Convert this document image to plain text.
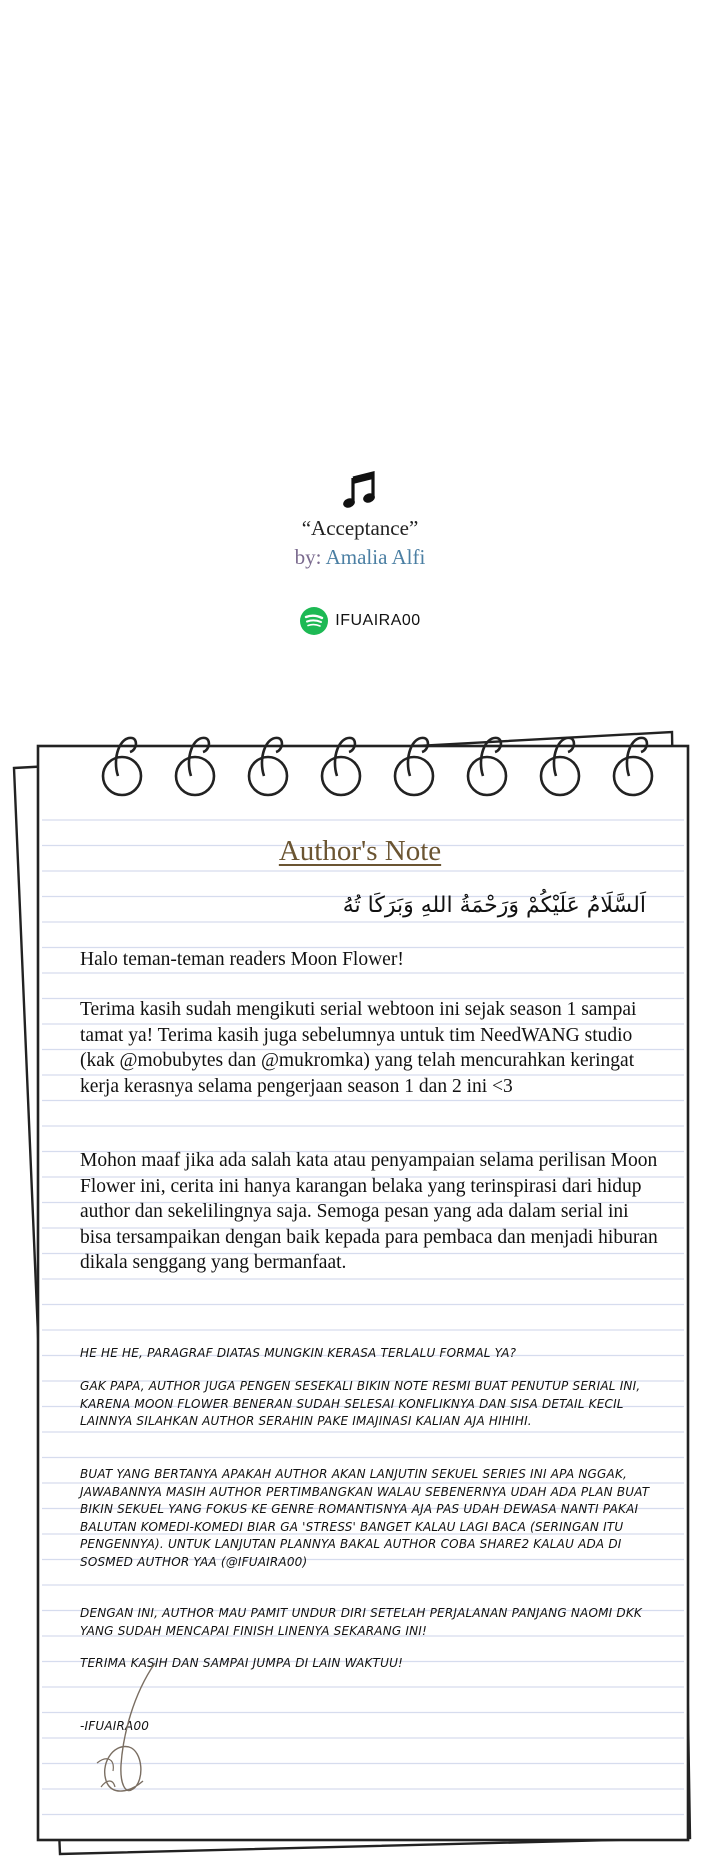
“Acceptance”
by: Amalia Alfi
IFUAIRA00
Author's Note
اَلسَّلَامُ عَلَيْكُمْ وَرَحْمَةُ اللهِ وَبَرَكَا تُهُ

Halo teman-teman readers Moon Flower!

Terima kasih sudah mengikuti serial webtoon ini sejak season 1 sampai tamat ya! Terima kasih juga sebelumnya untuk tim NeedWANG studio (kak @mobubytes dan @mukromka) yang telah mencurahkan keringat kerja kerasnya selama pengerjaan season 1 dan 2 ini <3

Mohon maaf jika ada salah kata atau penyampaian selama perilisan Moon Flower ini, cerita ini hanya karangan belaka yang terinspirasi dari hidup author dan sekelilingnya saja. Semoga pesan yang ada dalam serial ini bisa tersampaikan dengan baik kepada para pembaca dan menjadi hiburan dikala senggang yang bermanfaat.

HE HE HE, PARAGRAF DIATAS MUNGKIN KERASA TERLALU FORMAL YA?

GAK PAPA, AUTHOR JUGA PENGEN SESEKALI BIKIN NOTE RESMI BUAT PENUTUP SERIAL INI, KARENA MOON FLOWER BENERAN SUDAH SELESAI KONFLIKNYA DAN SISA DETAIL KECIL LAINNYA SILAHKAN AUTHOR SERAHIN PAKE IMAJINASI KALIAN AJA HIHIHI.

BUAT YANG BERTANYA APAKAH AUTHOR AKAN LANJUTIN SEKUEL SERIES INI APA NGGAK, JAWABANNYA MASIH AUTHOR PERTIMBANGKAN WALAU SEBENERNYA UDAH ADA PLAN BUAT BIKIN SEKUEL YANG FOKUS KE GENRE ROMANTISNYA AJA PAS UDAH DEWASA NANTI PAKAI BALUTAN KOMEDI-KOMEDI BIAR GA 'STRESS' BANGET KALAU LAGI BACA (SERINGAN ITU PENGENNYA). UNTUK LANJUTAN PLANNYA BAKAL AUTHOR COBA SHARE2 KALAU ADA DI SOSMED AUTHOR YAA (@IFUAIRA00)

DENGAN INI, AUTHOR MAU PAMIT UNDUR DIRI SETELAH PERJALANAN PANJANG NAOMI DKK YANG SUDAH MENCAPAI FINISH LINENYA SEKARANG INI!

TERIMA KASIH DAN SAMPAI JUMPA DI LAIN WAKTUU!

-IFUAIRA00
